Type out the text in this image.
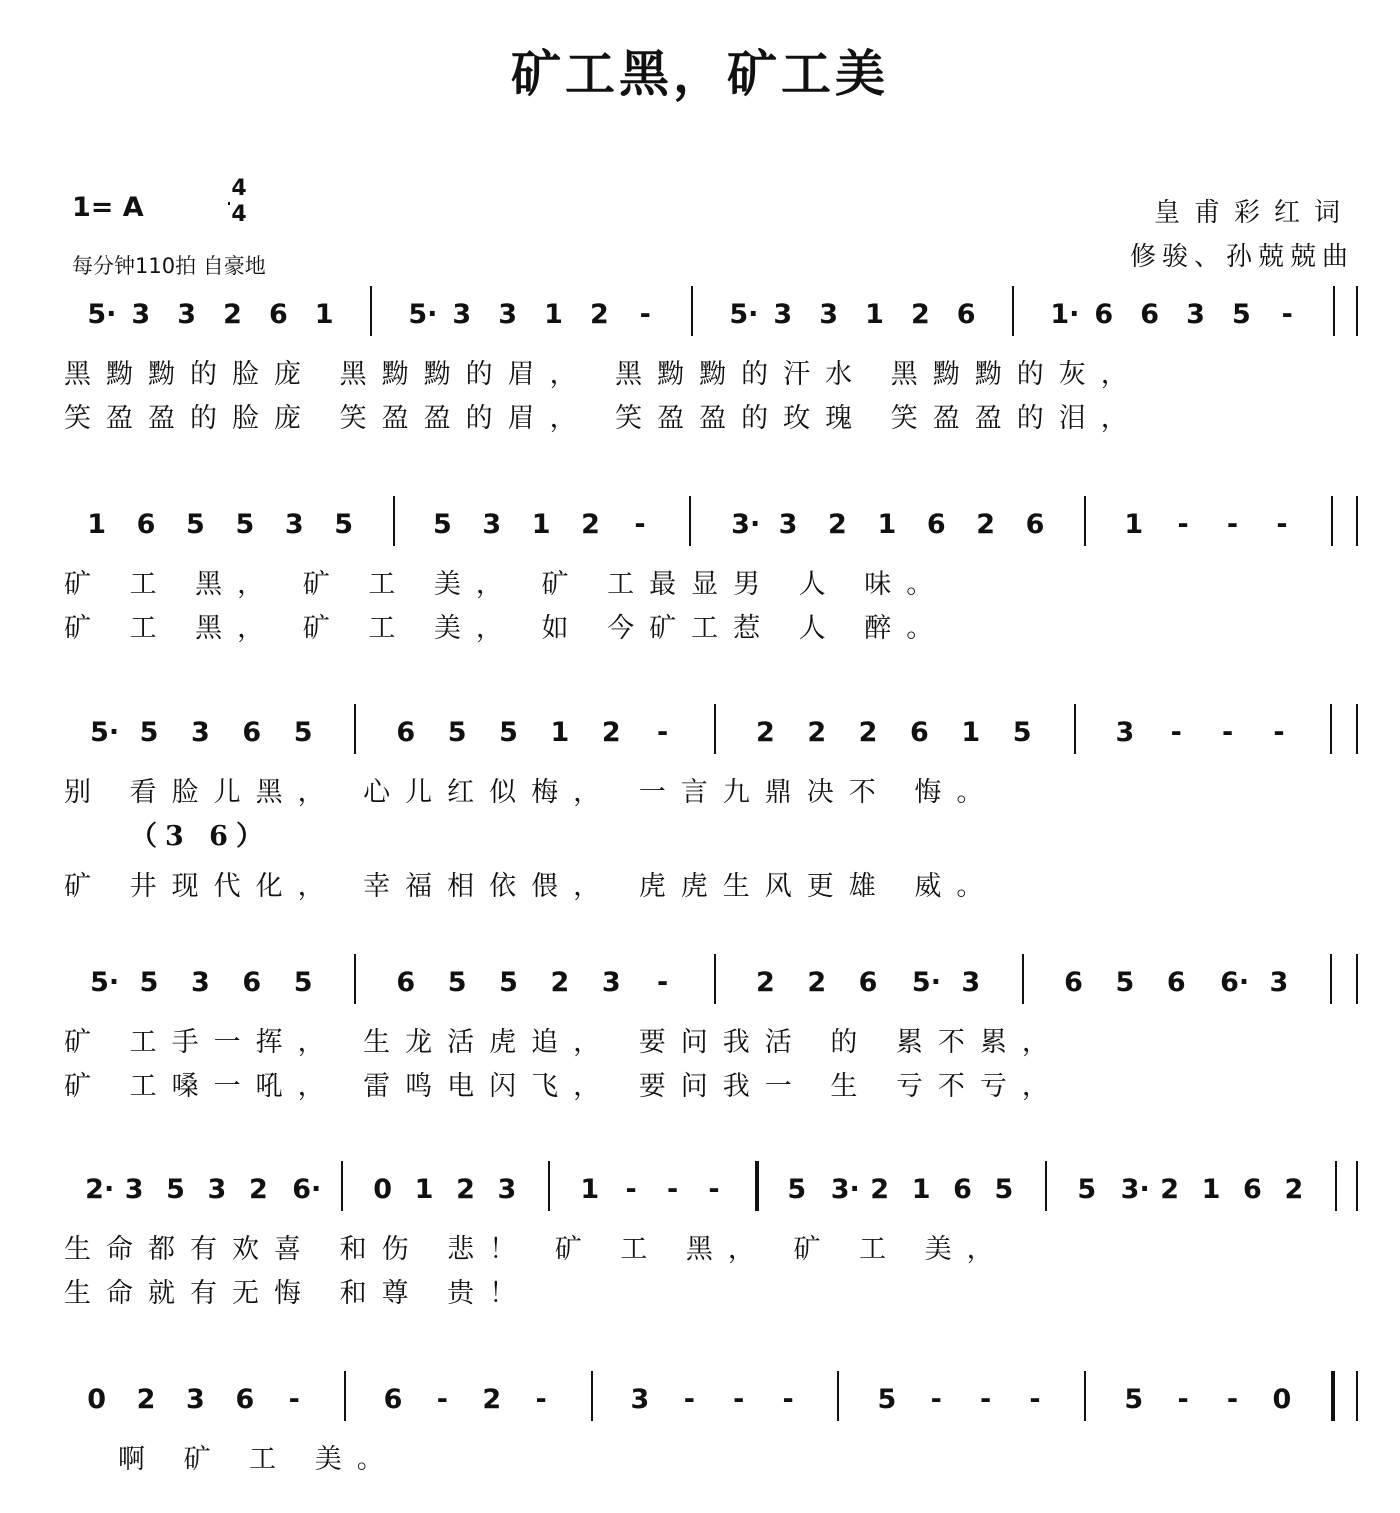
矿工黑，矿工美
1= A
4
4
每分钟110拍 自豪地
皇甫彩红词
修骏、孙兢兢曲
5· 3 3 2 6 1	5· 3 3 1 2	-	5· 3 3 1 2 6	1· 6 6 3 5	-
黑黝黝的脸庞 黑黝黝的眉， 黑黝黝的汗水 黑黝黝的灰，
笑盈盈的脸庞 笑盈盈的眉， 笑盈盈的玫瑰 笑盈盈的泪，
1 6 5 5 3 5	5 3 1 2	-	3· 3 2 1 6 2 6	1	-	-	-
矿 工 黑， 矿 工 美， 矿 工最显男 人 味。
矿 工 黑， 矿 工 美， 如 今矿工惹 人 醉。
5· 5 3 6 5	6 5 5 1 2	-	2 2 2 6 1 5	3	-	-	-
别 看脸儿黑， 心儿红似梅， 一言九鼎决不 悔。
（3 6）
矿 井现代化， 幸福相依偎， 虎虎生风更雄 威。
5· 5 3 6 5	6 5 5 2 3	-	2 2 6 5· 3	6 5 6 6· 3
矿 工手一挥， 生龙活虎追， 要问我活 的 累不累，
矿 工嗓一吼， 雷鸣电闪飞， 要问我一 生 亏不亏，
2· 3 5 3 2 6· 0 1 2 3 1 -	-	-	5 3· 2 1 6 5 5 3· 2 1 6 2
生命都有欢喜 和伤 悲！ 矿 工 黑， 矿 工 美，
生命就有无悔 和尊 贵！
0 2 3 6	-	6	-	2	-	3	-	-	-	5	-	-	-	5	-	-	0
啊 矿 工 美。
